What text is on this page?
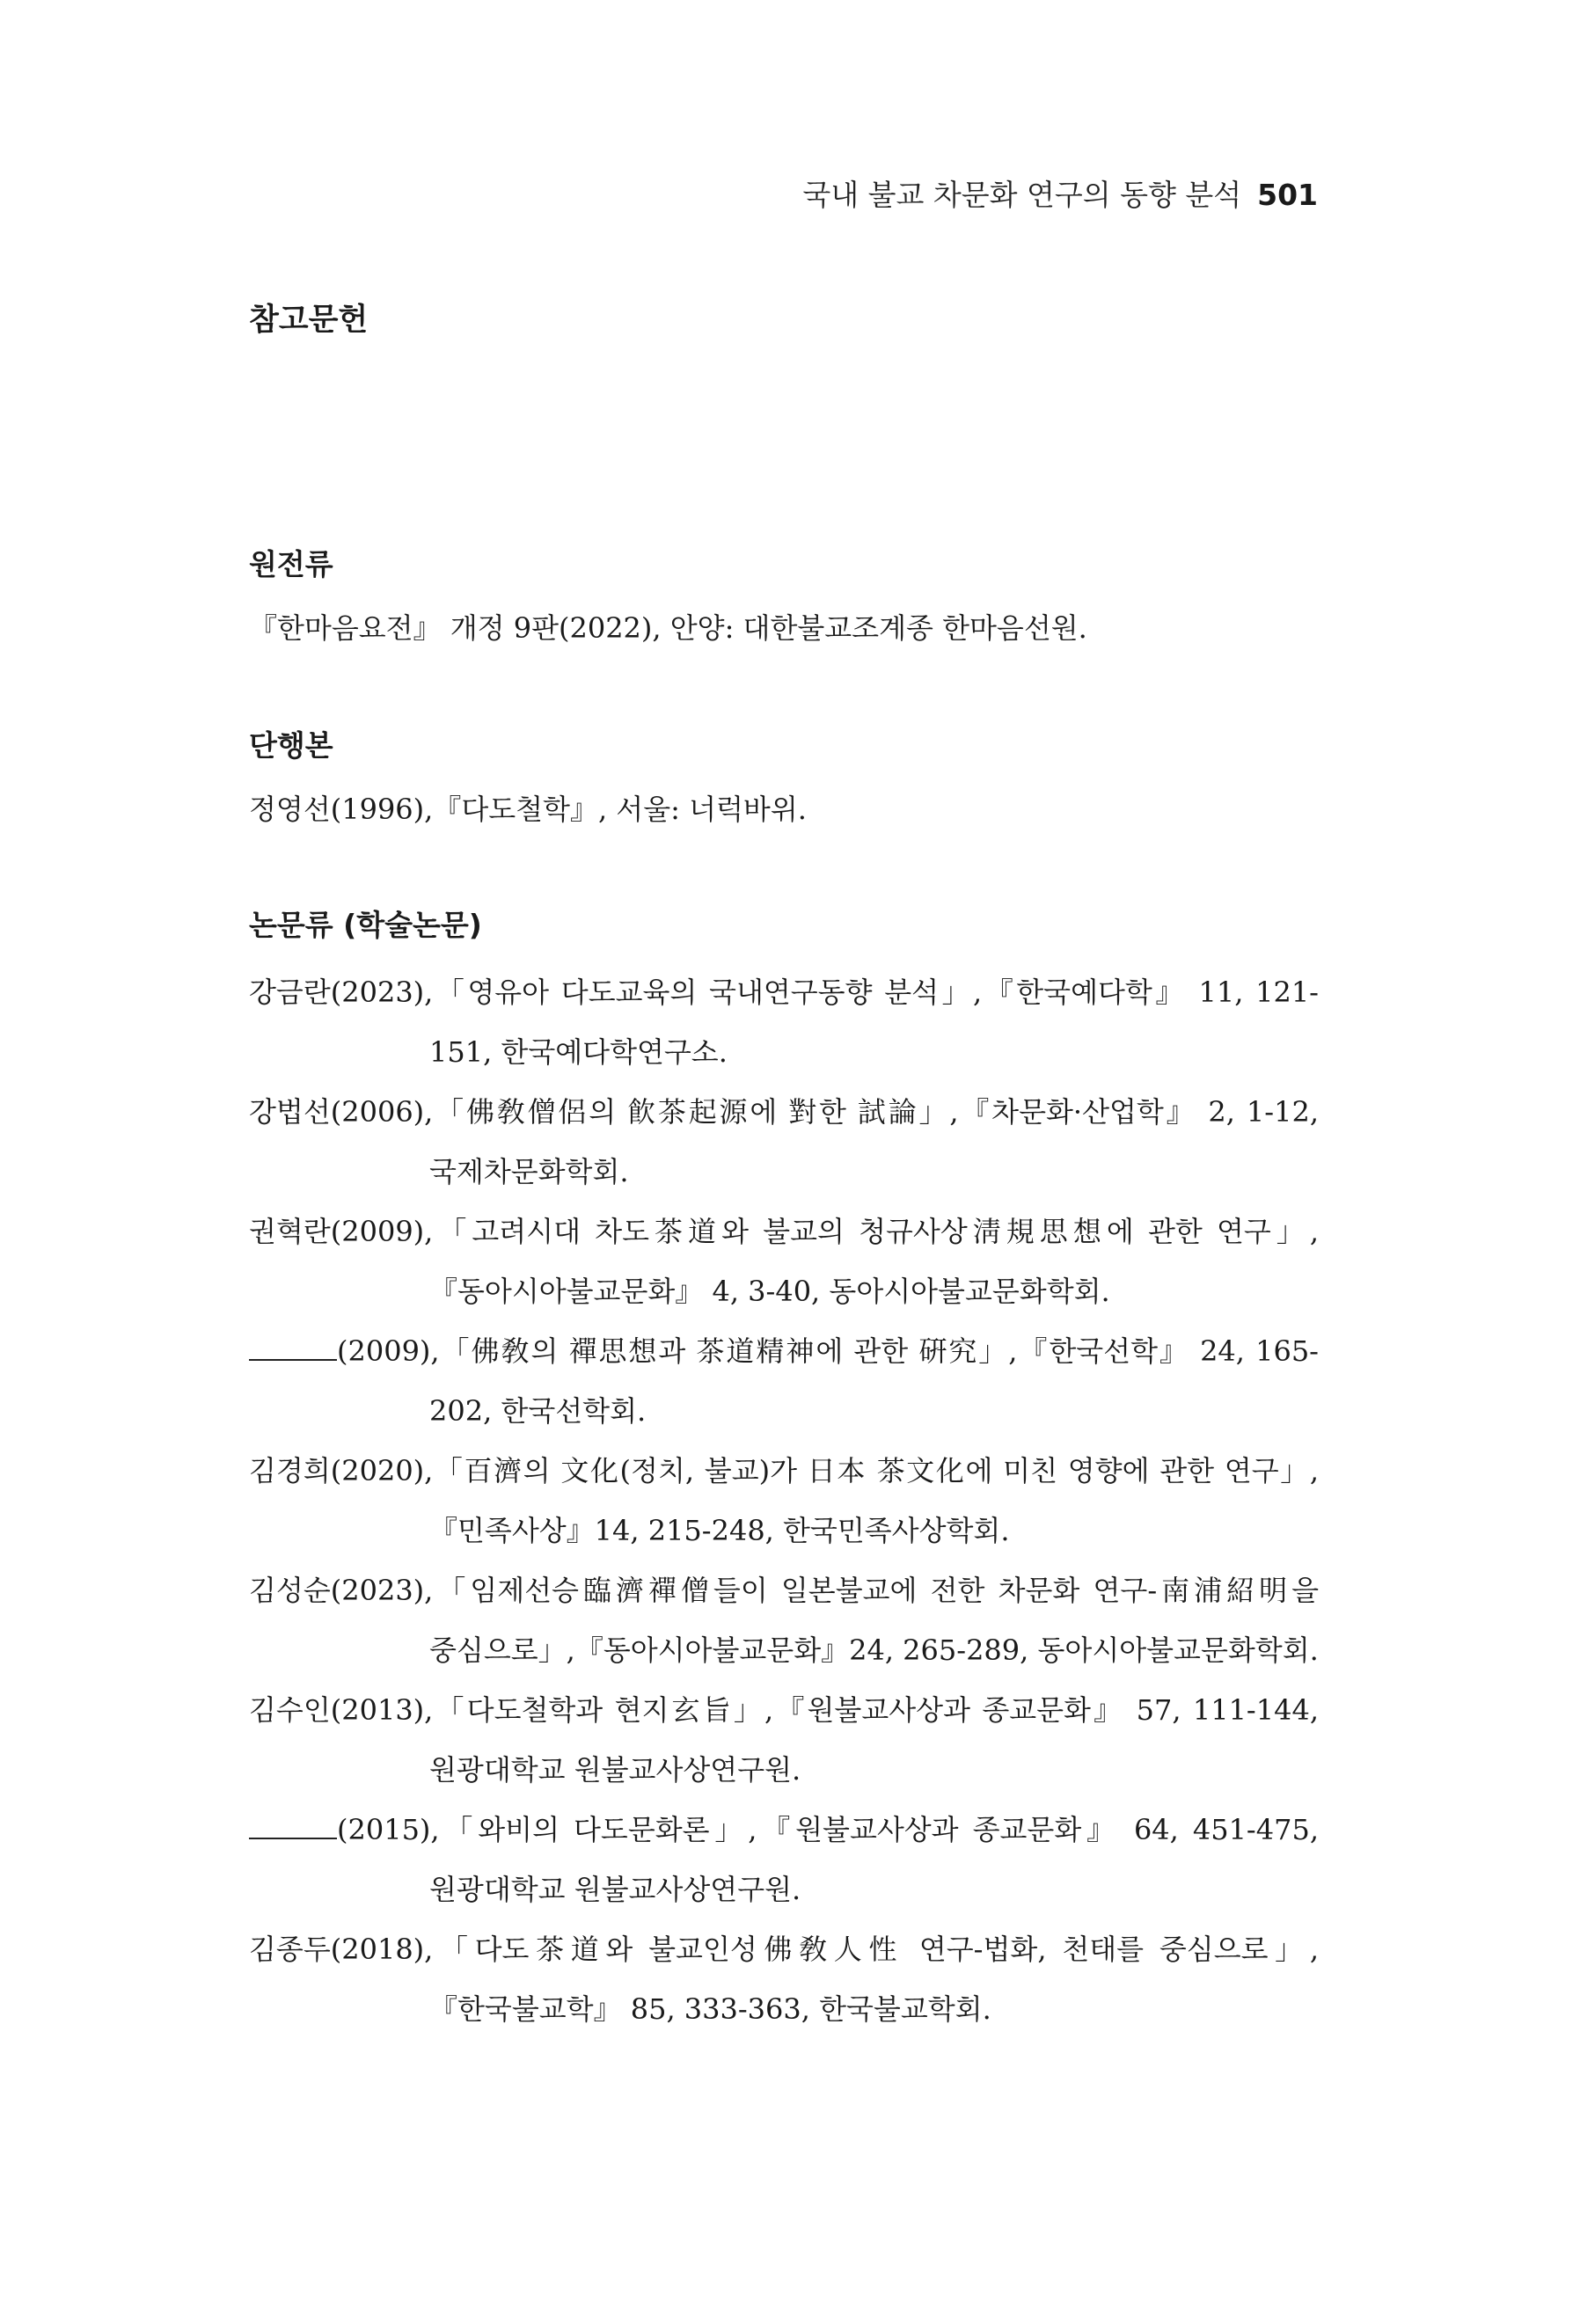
국내 불교 차문화 연구의 동향 분석 501
참고문헌
원전류

『한마음요전』 개정 9판(2022), 안양: 대한불교조계종 한마음선원.

단행본

정영선(1996),『다도철학』, 서울: 너럭바위.

논문류 (학술논문)

강금란(2023),「영유아 다도교육의 국내연구동향 분석」,『한국예다학』 11, 121-151, 한국예다학연구소.

강법선(2006),「佛敎僧侶의 飮茶起源에 對한 試論」,『차문화·산업학』 2, 1-12, 국제차문화학회.

권혁란(2009),「고려시대 차도茶道와 불교의 청규사상淸規思想에 관한 연구」,『동아시아불교문화』 4, 3-40, 동아시아불교문화학회.

(2009),「佛敎의 禪思想과 茶道精神에 관한 硏究」,『한국선학』 24, 165-202, 한국선학회.

김경희(2020),「百濟의 文化(정치, 불교)가 日本 茶文化에 미친 영향에 관한 연구」,『민족사상』14, 215-248, 한국민족사상학회.

김성순(2023),「임제선승臨濟禪僧들이 일본불교에 전한 차문화 연구-南浦紹明을 중심으로」,『동아시아불교문화』24, 265-289, 동아시아불교문화학회.

김수인(2013),「다도철학과 현지玄旨」,『원불교사상과 종교문화』 57, 111-144, 원광대학교 원불교사상연구원.

(2015),「와비의 다도문화론」,『원불교사상과 종교문화』 64, 451-475, 원광대학교 원불교사상연구원.

김종두(2018),「다도茶道와 불교인성佛敎人性 연구-법화, 천태를 중심으로」,『한국불교학』 85, 333-363, 한국불교학회.
